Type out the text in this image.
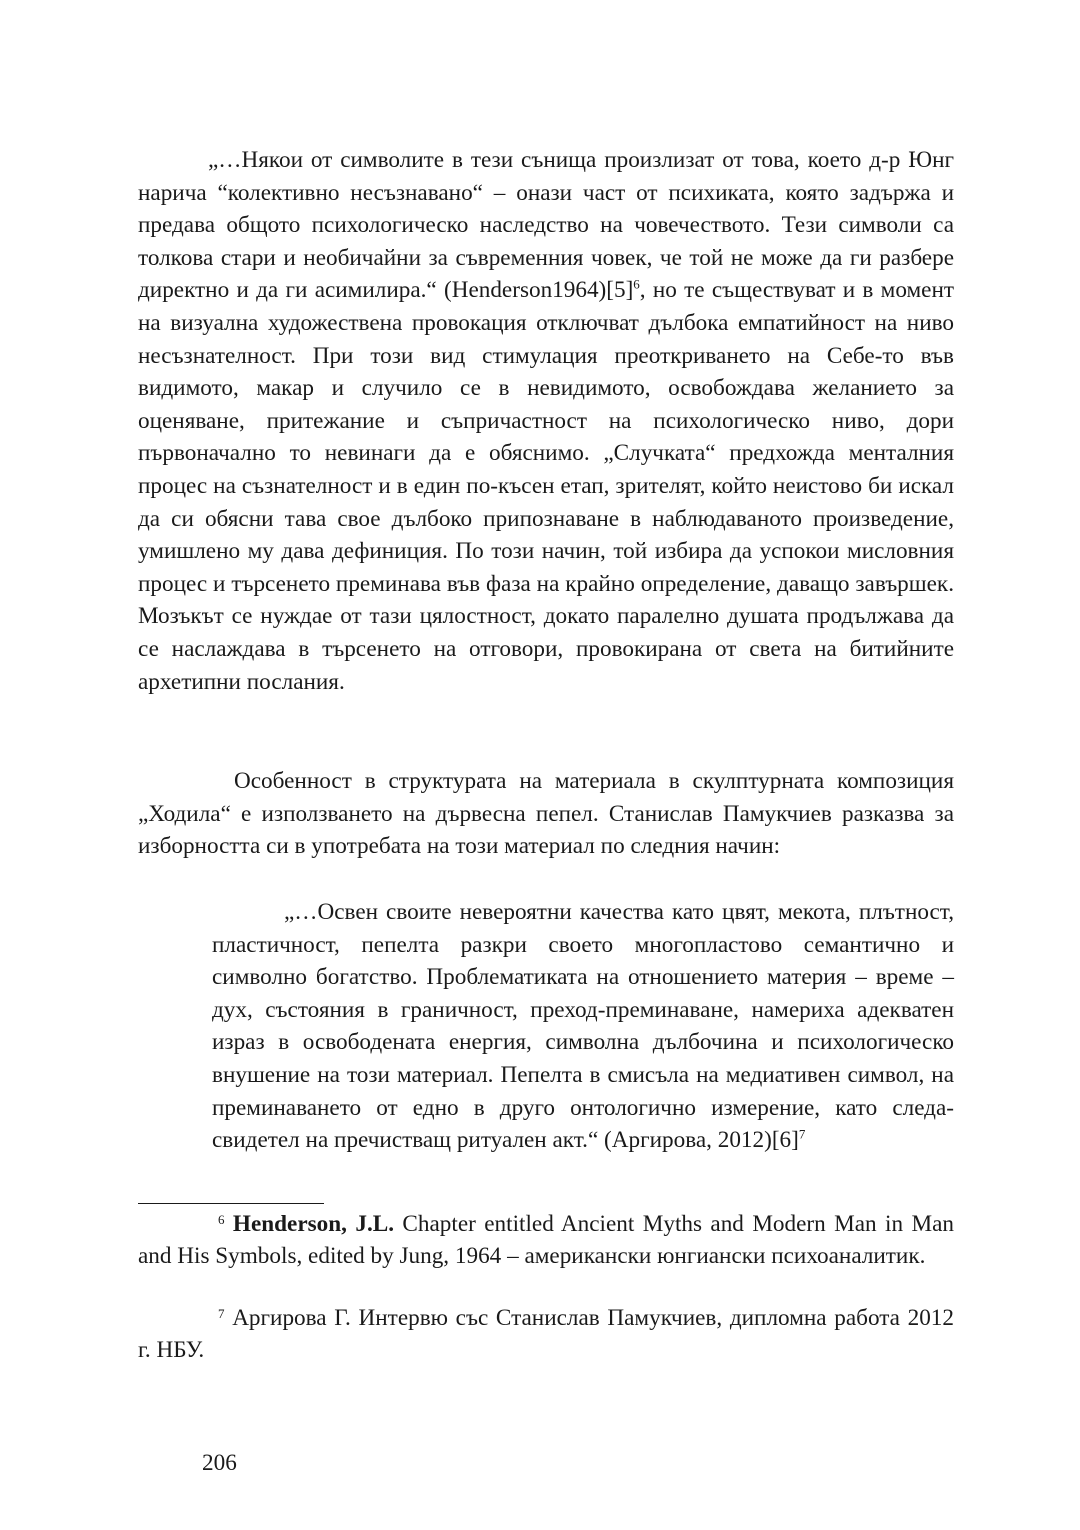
„…Някои от символите в тези сънища произлизат от това, което д-р Юнг нарича “колективно несъзнавано“ – онази част от психиката, която задържа и предава общото психологическо наследство на човечеството. Тези символи са толкова стари и необичайни за съвременния човек, че той не може да ги разбере директно и да ги асимилира.“ $(Henderson1964)[5]^6$, но те съществуват и в момент на визуална художествена провокация отключват дълбока емпатийност на ниво несъзнателност. При този вид стимулация преоткриването на Себе-то във видимото, макар и случило се в невидимото, освобождава желанието за оценяване, притежание и съпричастност на психологическо ниво, дори първоначално то невинаги да е обяснимо. „Случката“ предхожда менталния процес на съзнателност и в един по-късен етап, зрителят, който неистово би искал да си обясни тава свое дълбоко припознаване в наблюдаваното произведение, умишлено му дава дефиниция. По този начин, той избира да успокои мисловния процес и търсенето преминава във фаза на крайно определение, даващо завършек. Мозъкът се нуждае от тази цялостност, докато паралелно душата продължава да се наслаждава в търсенето на отговори, провокирана от света на битийните архетипни послания.

Особенност в структурата на материала в скулптурната композиция „Ходила“ е използването на дървесна пепел. Станислав Памукчиев разказва за изборността си в употребата на този материал по следния начин:

„…Освен своите невероятни качества като цвят, мекота, плътност, пластичност, пепелта разкри своето многопластово семантично и символно богатство. Проблематиката на отношението материя – време – дух, състояния в граничност, преход-преминаване, намериха адекватен израз в освободената енергия, символна дълбочина и психологическо внушение на този материал. Пепелта в смисъла на медиативен символ, на преминаването от едно в друго онтологично измерение, като следа-свидетел на пречистващ ритуален акт.“ (Аргирова, $2012)[6]^7$

$^6$ Henderson, J.L. Chapter entitled Ancient Myths and Modern Man in Man and His Symbols, edited by Jung, 1964 – американски юнгиански психоаналитик.

$^7$ Аргирова Г. Интервю със Станислав Памукчиев, дипломна работа 2012 г. НБУ.

206
